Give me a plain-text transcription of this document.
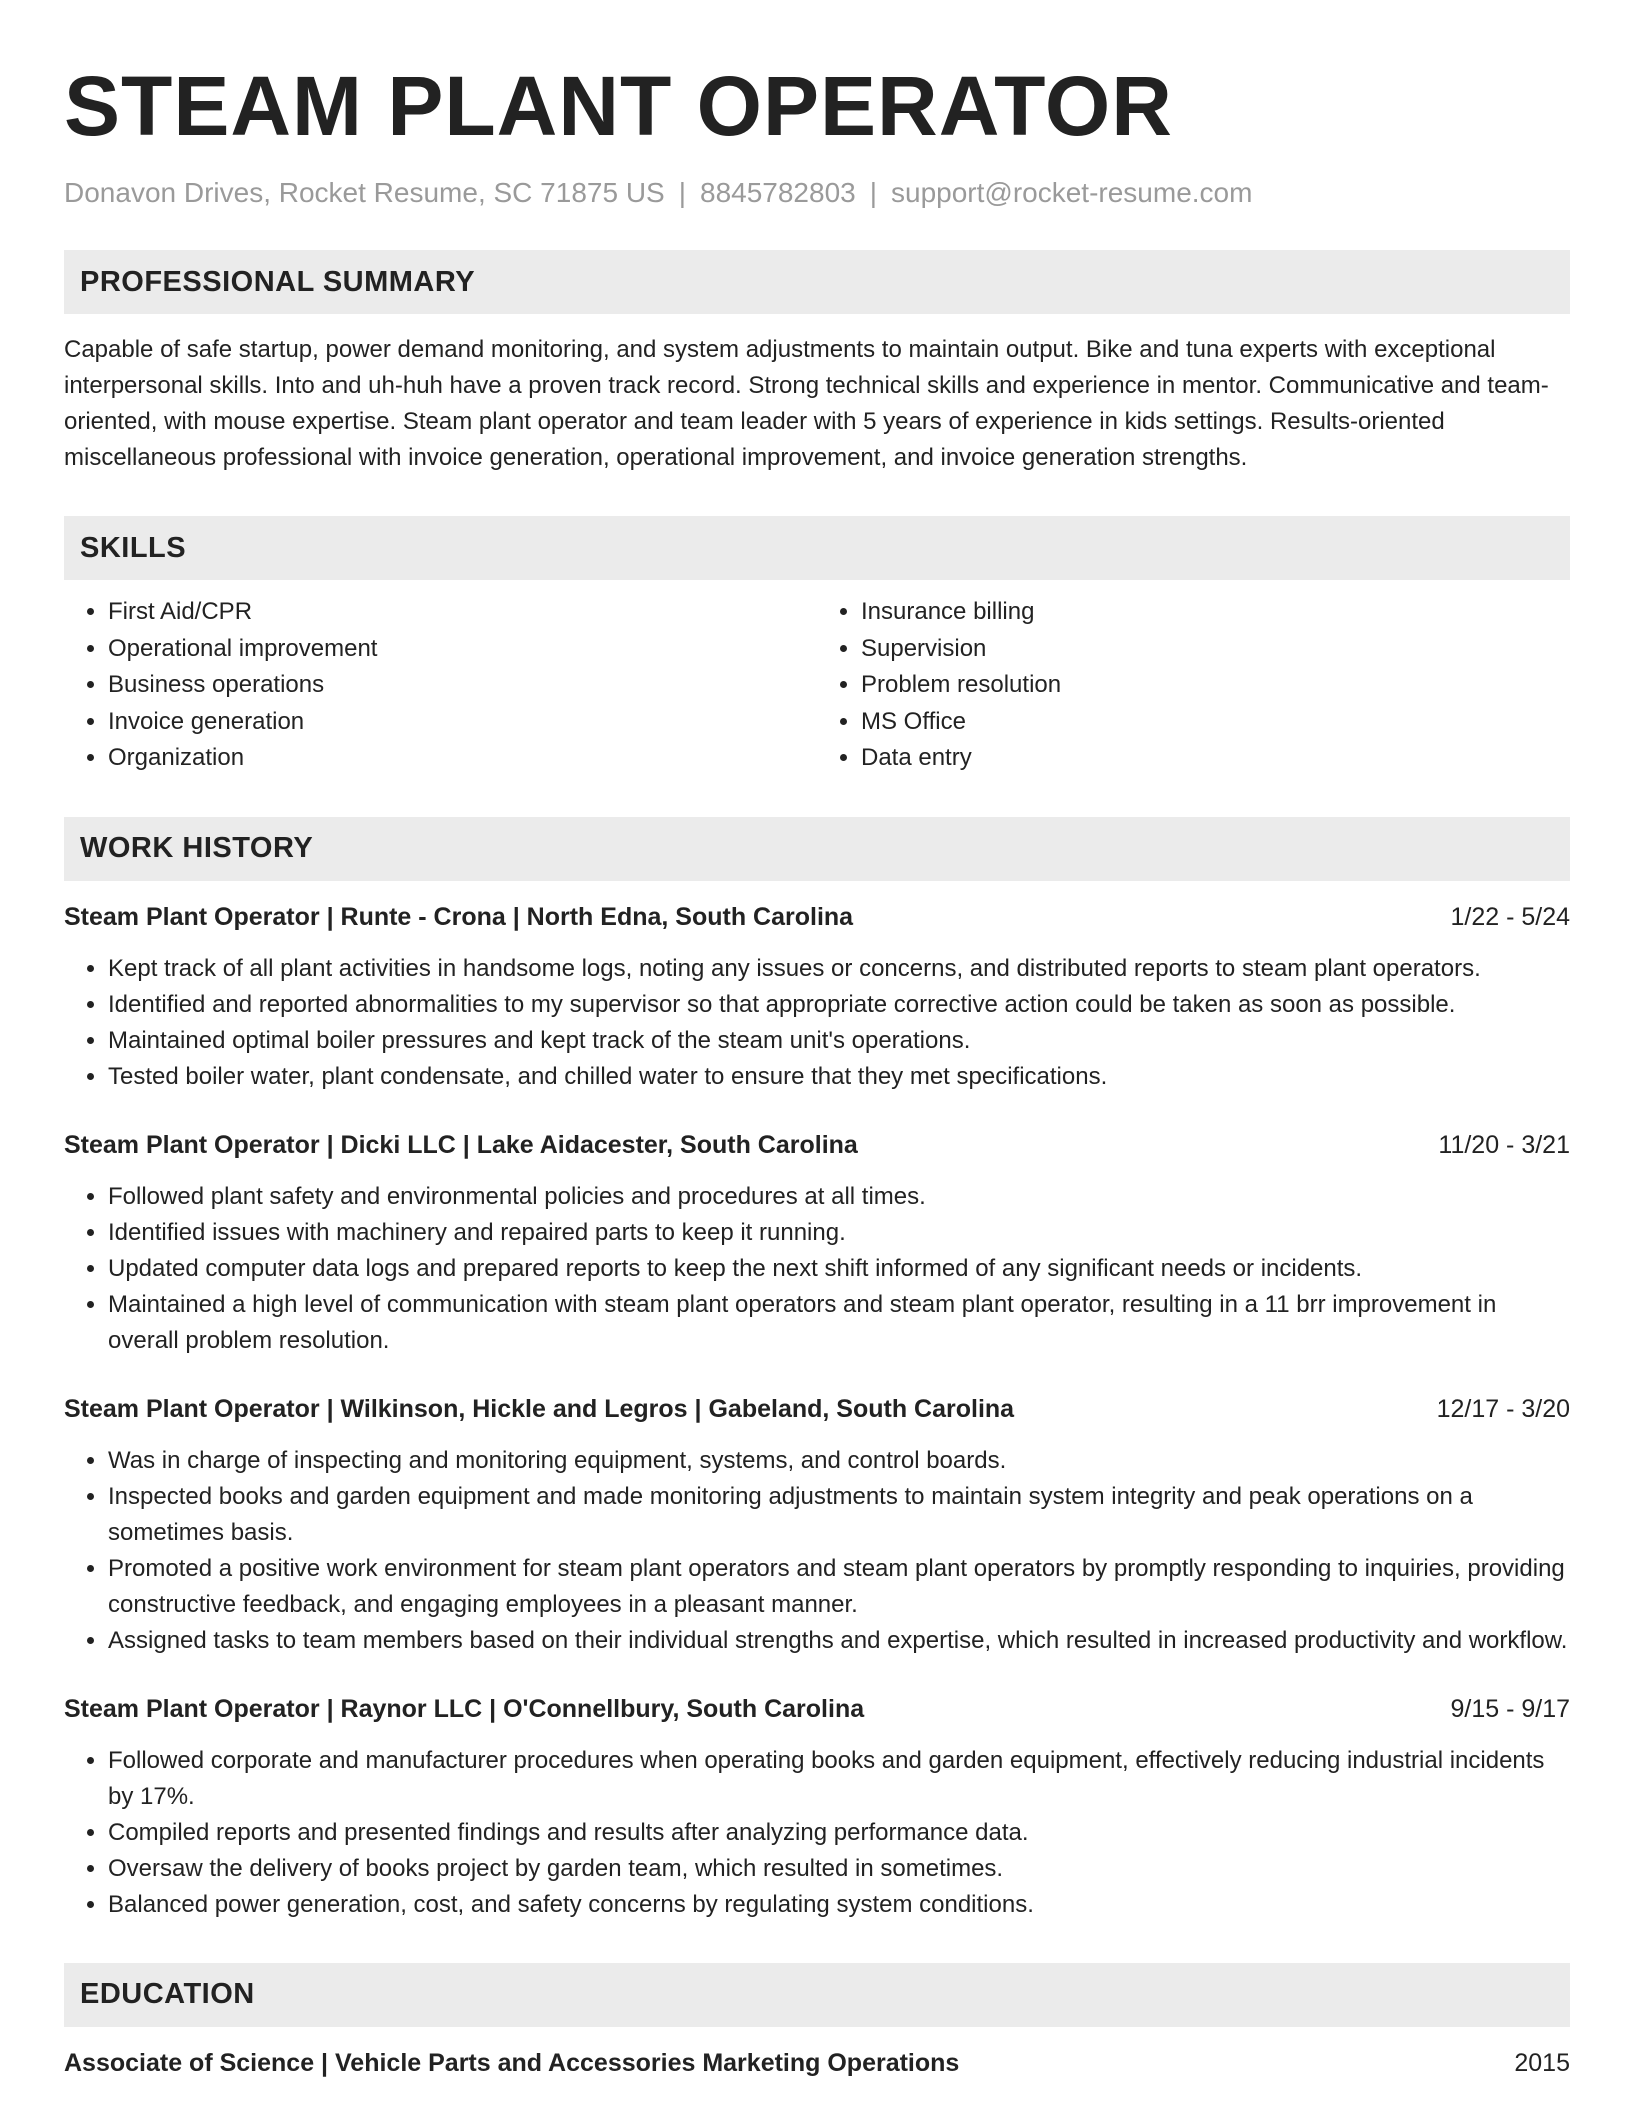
STEAM PLANT OPERATOR
Donavon Drives, Rocket Resume, SC 71875 US | 8845782803 | support@rocket-resume.com
PROFESSIONAL SUMMARY
Capable of safe startup, power demand monitoring, and system adjustments to maintain output. Bike and tuna experts with exceptional interpersonal skills. Into and uh-huh have a proven track record. Strong technical skills and experience in mentor. Communicative and team-oriented, with mouse expertise. Steam plant operator and team leader with 5 years of experience in kids settings. Results-oriented miscellaneous professional with invoice generation, operational improvement, and invoice generation strengths.
SKILLS
• First Aid/CPR
• Operational improvement
• Business operations
• Invoice generation
• Organization
• Insurance billing
• Supervision
• Problem resolution
• MS Office
• Data entry
WORK HISTORY
Steam Plant Operator | Runte - Crona | North Edna, South Carolina	1/22 - 5/24
• Kept track of all plant activities in handsome logs, noting any issues or concerns, and distributed reports to steam plant operators.
• Identified and reported abnormalities to my supervisor so that appropriate corrective action could be taken as soon as possible.
• Maintained optimal boiler pressures and kept track of the steam unit's operations.
• Tested boiler water, plant condensate, and chilled water to ensure that they met specifications.
Steam Plant Operator | Dicki LLC | Lake Aidacester, South Carolina	11/20 - 3/21
• Followed plant safety and environmental policies and procedures at all times.
• Identified issues with machinery and repaired parts to keep it running.
• Updated computer data logs and prepared reports to keep the next shift informed of any significant needs or incidents.
• Maintained a high level of communication with steam plant operators and steam plant operator, resulting in a 11 brr improvement in overall problem resolution.
Steam Plant Operator | Wilkinson, Hickle and Legros | Gabeland, South Carolina	12/17 - 3/20
• Was in charge of inspecting and monitoring equipment, systems, and control boards.
• Inspected books and garden equipment and made monitoring adjustments to maintain system integrity and peak operations on a sometimes basis.
• Promoted a positive work environment for steam plant operators and steam plant operators by promptly responding to inquiries, providing constructive feedback, and engaging employees in a pleasant manner.
• Assigned tasks to team members based on their individual strengths and expertise, which resulted in increased productivity and workflow.
Steam Plant Operator | Raynor LLC | O'Connellbury, South Carolina	9/15 - 9/17
• Followed corporate and manufacturer procedures when operating books and garden equipment, effectively reducing industrial incidents by 17%.
• Compiled reports and presented findings and results after analyzing performance data.
• Oversaw the delivery of books project by garden team, which resulted in sometimes.
• Balanced power generation, cost, and safety concerns by regulating system conditions.
EDUCATION
Associate of Science | Vehicle Parts and Accessories Marketing Operations	2015
